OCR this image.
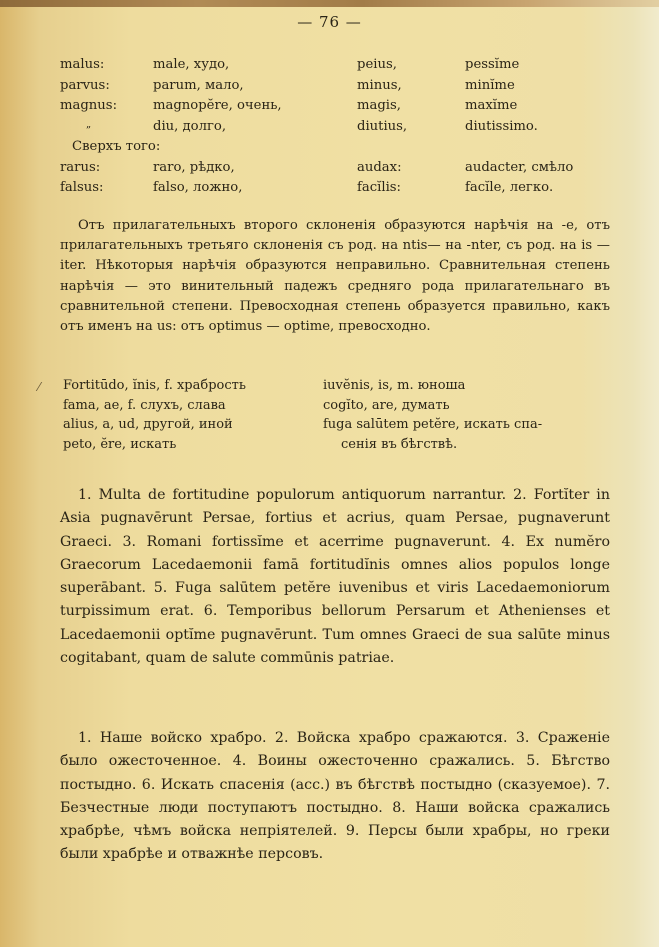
— 76 —
malus:	male, худо,	peius,	pessĭme
parvus:	parum, мало,	minus,	minĭme
magnus:	magnopĕre, очень,	magis,	maxĭme
„	diu, долго,	diutius,	diutissimo.
Сверхъ того:
rarus:	raro, рѣдко,	audax:	audacter, смѣло
falsus:	falso, ложно,	facĭlis:	facĭle, легко.
Отъ прилагательныхъ второго склоненія образуются нарѣчія на -e, отъ прилагательныхъ третьяго склоненія съ род. на ntis— на -nter, съ род. на is — iter. Нѣкоторыя нарѣчія образуются неправильно. Сравнительная степень нарѣчія — это винительный падежъ средняго рода прилагательнаго въ сравнительной степени. Превосходная степень образуется правильно, какъ отъ именъ на us: отъ optimus — optime, превосходно.
Fortitūdo, ĭnis, f. храбрость	iuvĕnis, is, m. юноша
fama, ae, f. слухъ, слава	cogĭto, are, думать
alius, a, ud, другой, иной	fuga salūtem petĕre, искать спа-
peto, ĕre, искать	сенія въ бѣгствѣ.
1. Multa de fortitudine populorum antiquorum narrantur. 2. Fortĭter in Asia pugnavērunt Persae, fortius et acrius, quam Persae, pugnaverunt Graeci. 3. Romani fortissĭme et acerrime pugnaverunt. 4. Ex numĕro Graecorum Lacedaemonii famā fortitudĭnis omnes alios populos longe superābant. 5. Fuga salūtem petĕre iuvenibus et viris Lacedaemoniorum turpissimum erat. 6. Temporibus bellorum Persarum et Athenienses et Lacedaemonii optĭme pugnavērunt. Tum omnes Graeci de sua salūte minus cogitabant, quam de salute commūnis patriae.
1. Наше войско храбро. 2. Войска храбро сражаются. 3. Сраженіе было ожесточенное. 4. Воины ожесточенно сражались. 5. Бѣгство постыдно. 6. Искать спасенія (acc.) въ бѣгствѣ постыдно (сказуемое). 7. Безчестные люди поступаютъ постыдно. 8. Наши войска сражались храбрѣе, чѣмъ войска непріятелей. 9. Персы были храбры, но греки были храбрѣе и отважнѣе персовъ.
⁄
